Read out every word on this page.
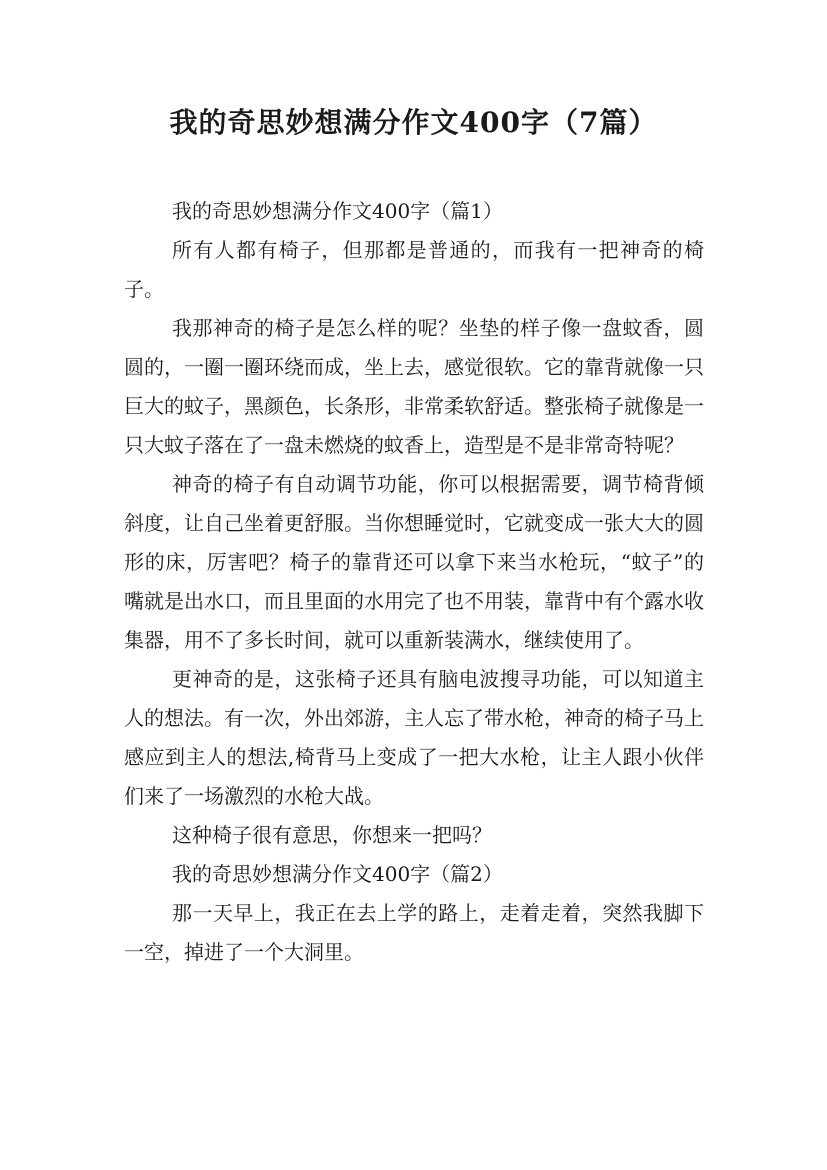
我的奇思妙想满分作文400字（7篇）

我的奇思妙想满分作文400字（篇1）

所有人都有椅子，但那都是普通的，而我有一把神奇的椅子。

我那神奇的椅子是怎么样的呢？坐垫的样子像一盘蚊香，圆圆的，一圈一圈环绕而成，坐上去，感觉很软。它的靠背就像一只巨大的蚊子，黑颜色，长条形，非常柔软舒适。整张椅子就像是一只大蚊子落在了一盘未燃烧的蚊香上，造型是不是非常奇特呢？

神奇的椅子有自动调节功能，你可以根据需要，调节椅背倾斜度，让自己坐着更舒服。当你想睡觉时，它就变成一张大大的圆形的床，厉害吧？椅子的靠背还可以拿下来当水枪玩，“蚊子”的嘴就是出水口，而且里面的水用完了也不用装，靠背中有个露水收集器，用不了多长时间，就可以重新装满水，继续使用了。

更神奇的是，这张椅子还具有脑电波搜寻功能，可以知道主人的想法。有一次，外出郊游，主人忘了带水枪，神奇的椅子马上感应到主人的想法,椅背马上变成了一把大水枪，让主人跟小伙伴们来了一场激烈的水枪大战。

这种椅子很有意思，你想来一把吗？

我的奇思妙想满分作文400字（篇2）

那一天早上，我正在去上学的路上，走着走着，突然我脚下一空，掉进了一个大洞里。
